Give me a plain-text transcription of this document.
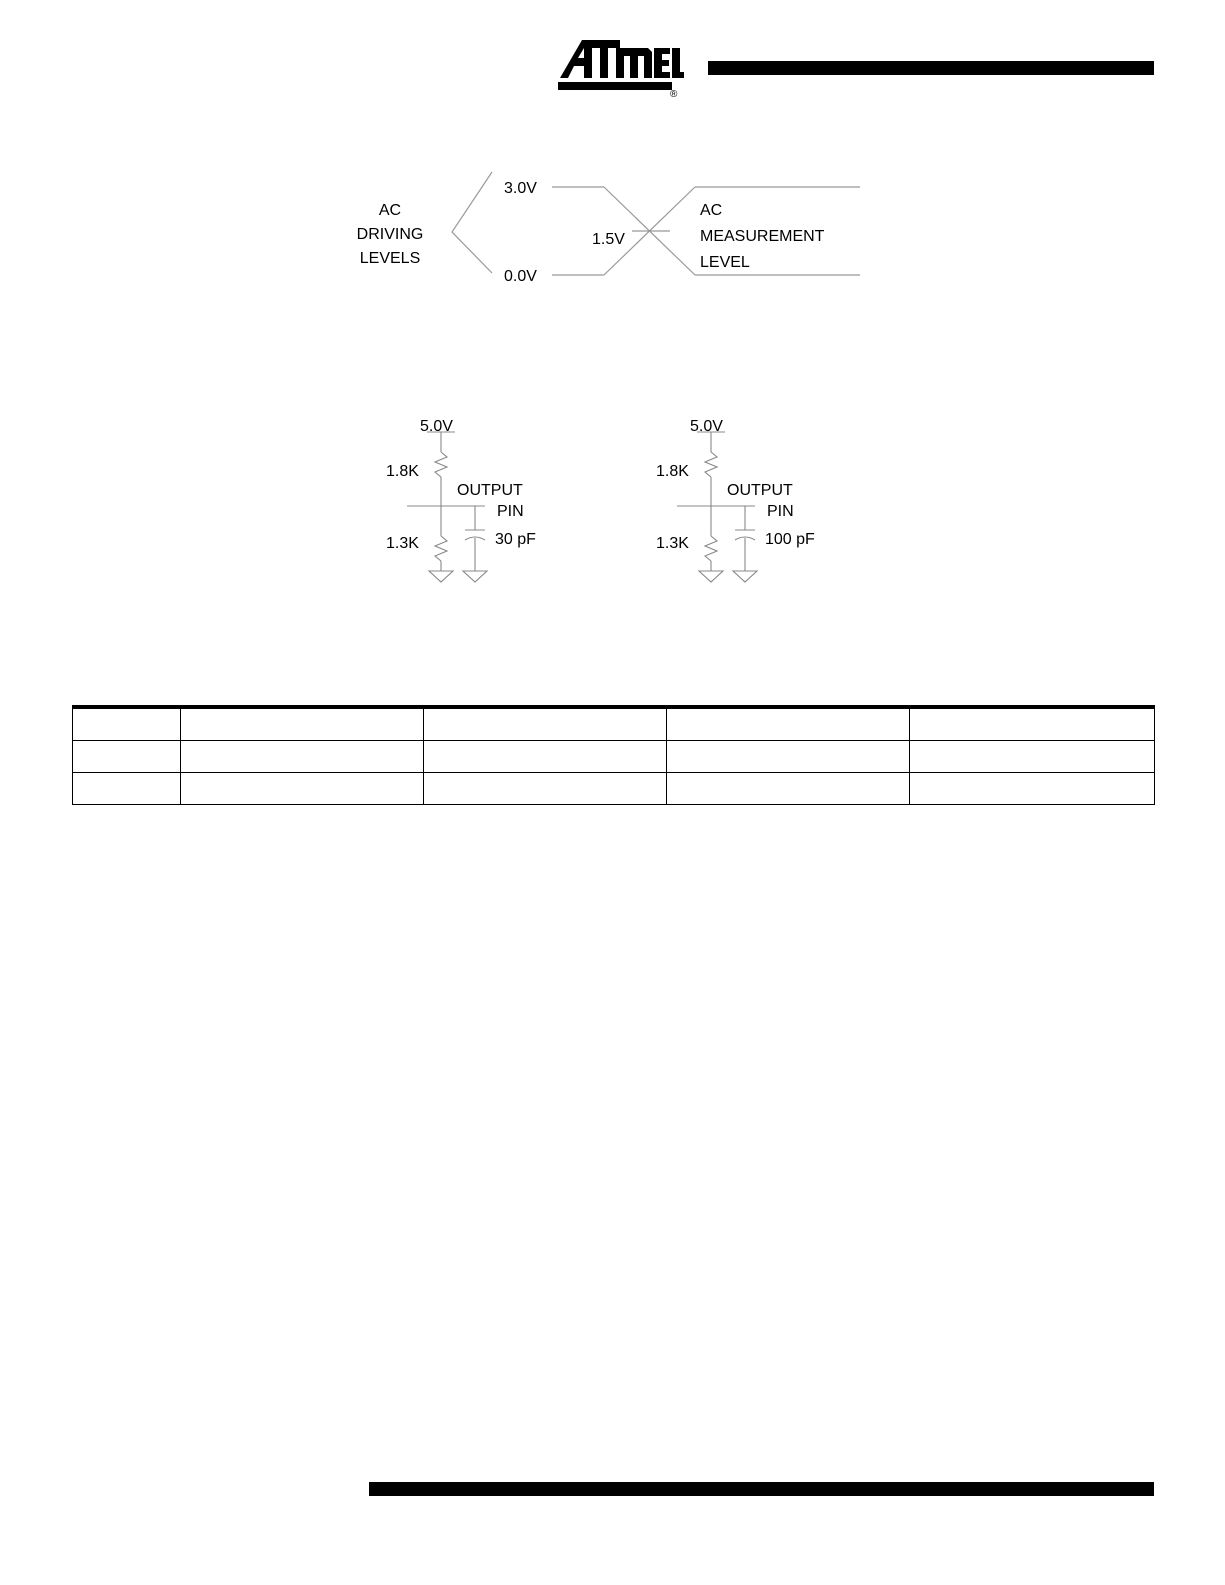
®
AC
DRIVING
LEVELS
3.0V
0.0V
1.5V
AC
MEASUREMENT
LEVEL
5.0V
1.8K
1.3K
OUTPUT
PIN
30 pF
5.0V
1.8K
1.3K
OUTPUT
PIN
100 pF
